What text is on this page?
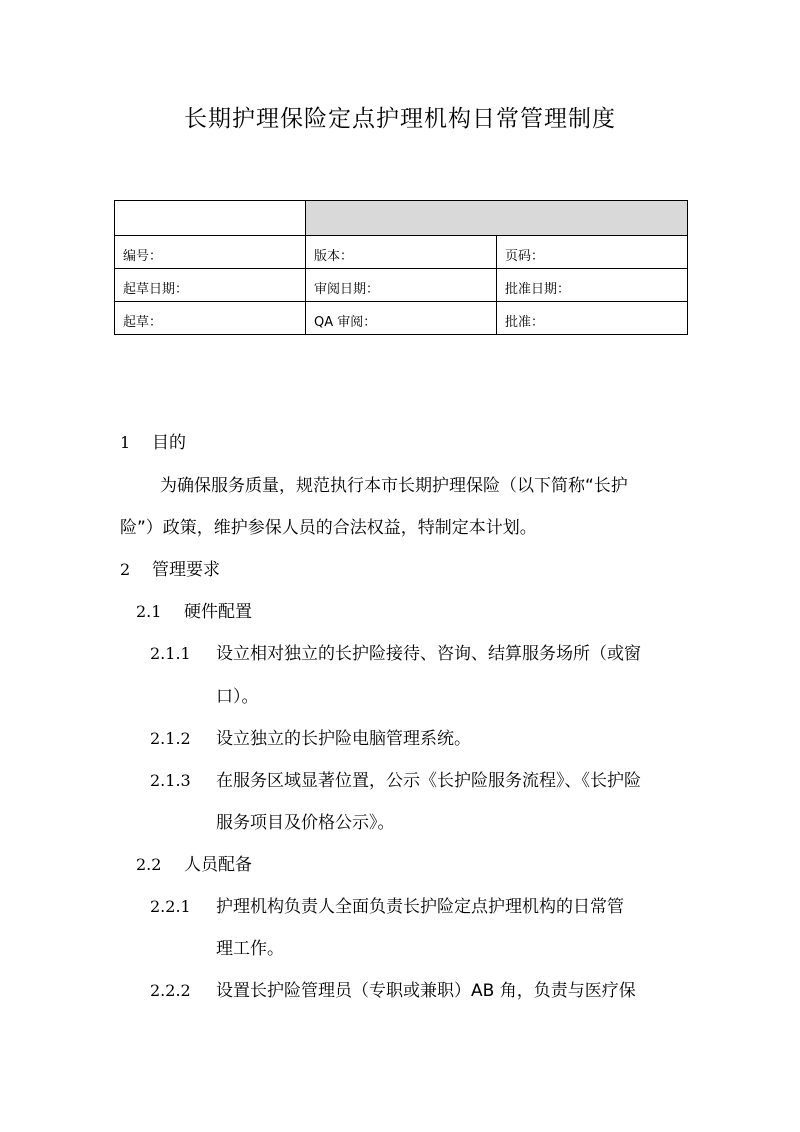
长期护理保险定点护理机构日常管理制度

编号：	版本：	页码：
起草日期：	审阅日期：	批准日期：
起草：	QA 审阅：	批准：
1 目的
为确保服务质量，规范执行本市长期护理保险（以下简称“长护
险”）政策，维护参保人员的合法权益，特制定本计划。
2 管理要求
2.1 硬件配置
2.1.1 设立相对独立的长护险接待、咨询、结算服务场所（或窗
口）。
2.1.2 设立独立的长护险电脑管理系统。
2.1.3 在服务区域显著位置，公示《长护险服务流程》、《长护险
服务项目及价格公示》。
2.2 人员配备
2.2.1 护理机构负责人全面负责长护险定点护理机构的日常管
理工作。
2.2.2 设置长护险管理员（专职或兼职）AB 角，负责与医疗保
